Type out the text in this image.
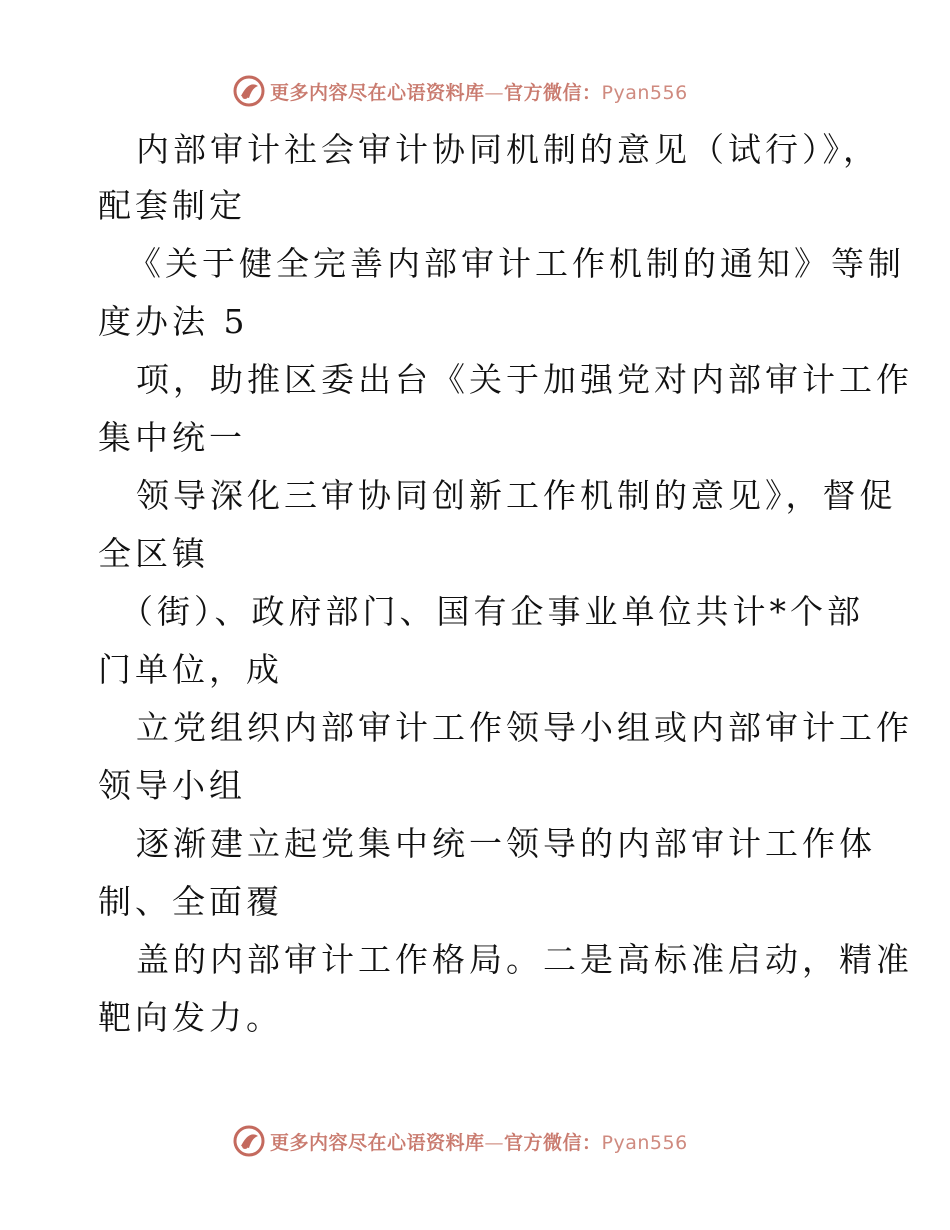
更多内容尽在心语资料库—官方微信：Pyan556
内部审计社会审计协同机制的意见（试行）》，
配套制定
《关于健全完善内部审计工作机制的通知》等制
度办法 5
项，助推区委出台《关于加强党对内部审计工作
集中统一
领导深化三审协同创新工作机制的意见》，督促
全区镇
（街）、政府部门、国有企事业单位共计*个部
门单位，成
立党组织内部审计工作领导小组或内部审计工作
领导小组
逐渐建立起党集中统一领导的内部审计工作体
制、全面覆
盖的内部审计工作格局。二是高标准启动，精准
靶向发力。
更多内容尽在心语资料库—官方微信：Pyan556
